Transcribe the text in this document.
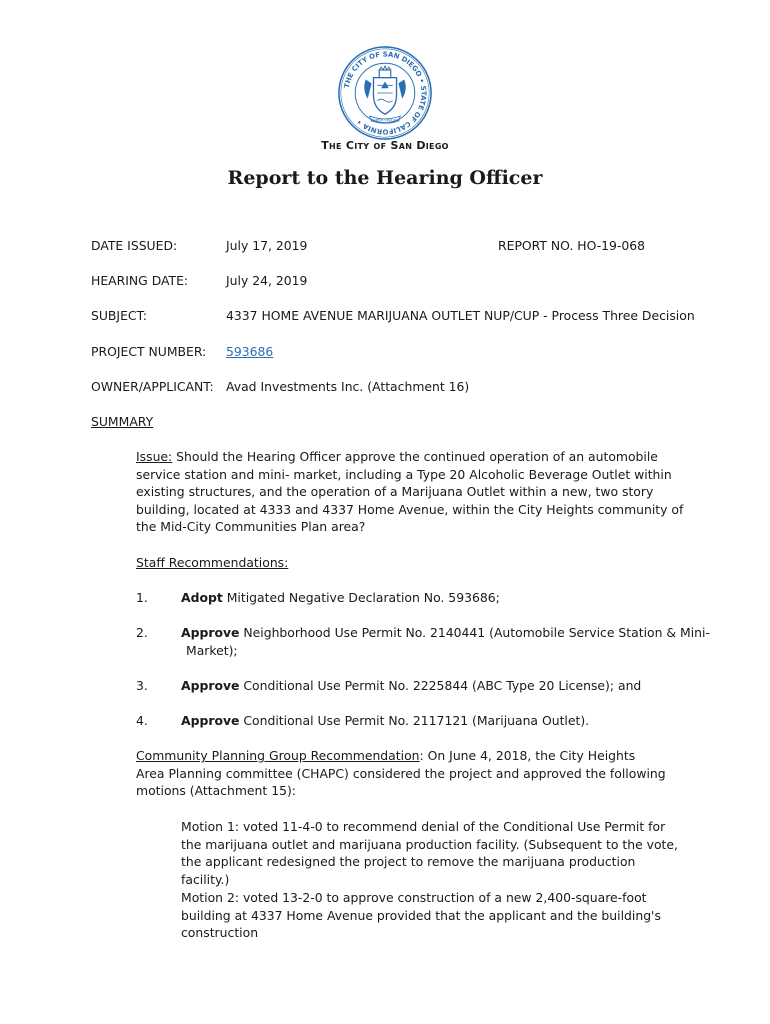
THE CITY OF SAN DIEGO • STATE OF CALIFORNIA •	SEMPER VIGILANS
The City of San Diego
Report to the Hearing Officer
DATE ISSUED:	July 17, 2019	REPORT NO. HO-19-068
HEARING DATE:	July 24, 2019
SUBJECT:	4337 HOME AVENUE MARIJUANA OUTLET NUP/CUP - Process Three Decision
PROJECT NUMBER: 593686
OWNER/APPLICANT: Avad Investments Inc. (Attachment 16)
SUMMARY
Issue: Should the Hearing Officer approve the continued operation of an automobile service station and mini- market, including a Type 20 Alcoholic Beverage Outlet within existing structures, and the operation of a Marijuana Outlet within a new, two story building, located at 4333 and 4337 Home Avenue, within the City Heights community of the Mid-City Communities Plan area?
Staff Recommendations:
1.	Adopt Mitigated Negative Declaration No. 593686;
2.	Approve Neighborhood Use Permit No. 2140441 (Automobile Service Station & Mini-
Market);
3.	Approve Conditional Use Permit No. 2225844 (ABC Type 20 License); and
4.	Approve Conditional Use Permit No. 2117121 (Marijuana Outlet).
Community Planning Group Recommendation: On June 4, 2018, the City Heights Area Planning committee (CHAPC) considered the project and approved the following motions (Attachment 15):
Motion 1: voted 11-4-0 to recommend denial of the Conditional Use Permit for the marijuana outlet and marijuana production facility. (Subsequent to the vote, the applicant redesigned the project to remove the marijuana production facility.)
Motion 2: voted 13-2-0 to approve construction of a new 2,400-square-foot building at 4337 Home Avenue provided that the applicant and the building's construction
